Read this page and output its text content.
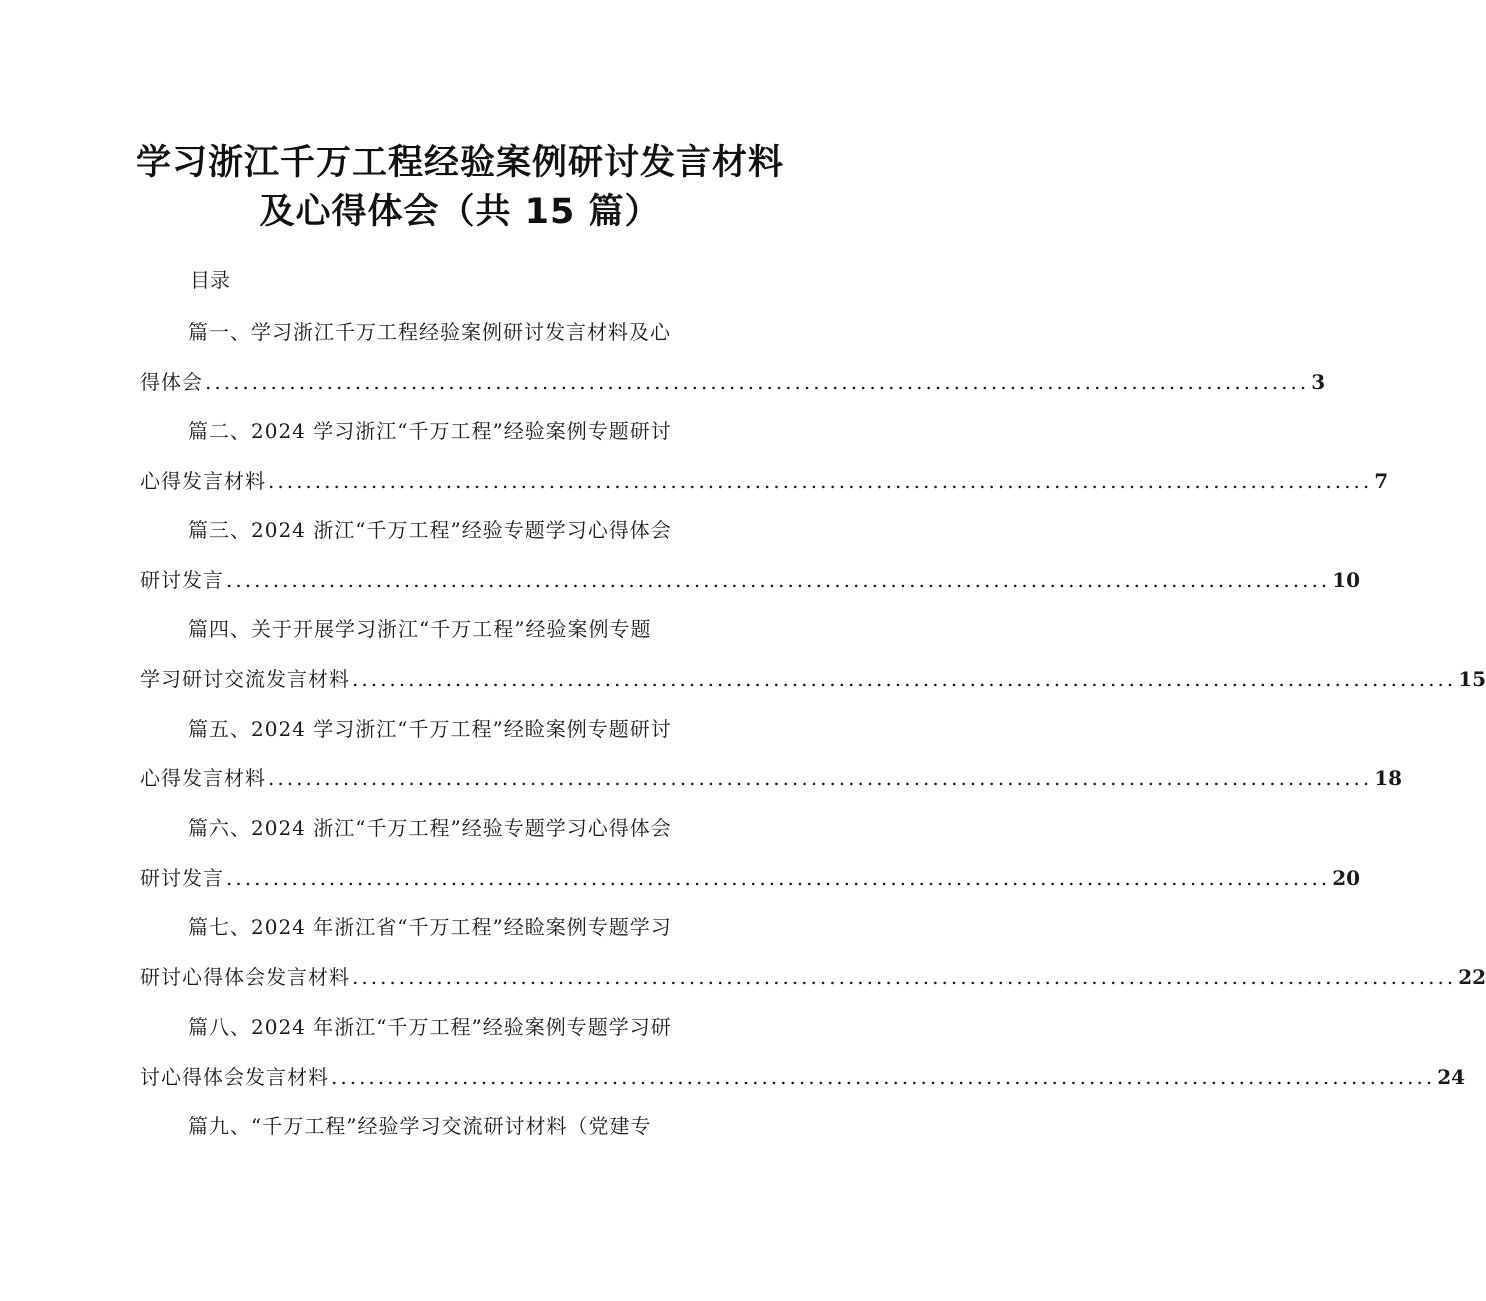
学习浙江千万工程经验案例研讨发言材料
及心得体会（共 15 篇）
目录
篇一、学习浙江千万工程经验案例研讨发言材料及心
得体会 ...................................................................................................................... 3
篇二、2024 学习浙江“千万工程”经验案例专题研讨
心得发言材料 ...................................................................................................................... 7
篇三、2024 浙江“千万工程”经验专题学习心得体会
研讨发言 ...................................................................................................................... 10
篇四、关于开展学习浙江“千万工程”经验案例专题
学习研讨交流发言材料 ...................................................................................................................... 15
篇五、2024 学习浙江“千万工程”经睑案例专题研讨
心得发言材料 ...................................................................................................................... 18
篇六、2024 浙江“千万工程”经验专题学习心得体会
研讨发言 ...................................................................................................................... 20
篇七、2024 年浙江省“千万工程”经睑案例专题学习
研讨心得体会发言材料 ...................................................................................................................... 22
篇八、2024 年浙江“千万工程”经验案例专题学习研
讨心得体会发言材料 ...................................................................................................................... 24
篇九、“千万工程”经验学习交流研讨材料（党建专
